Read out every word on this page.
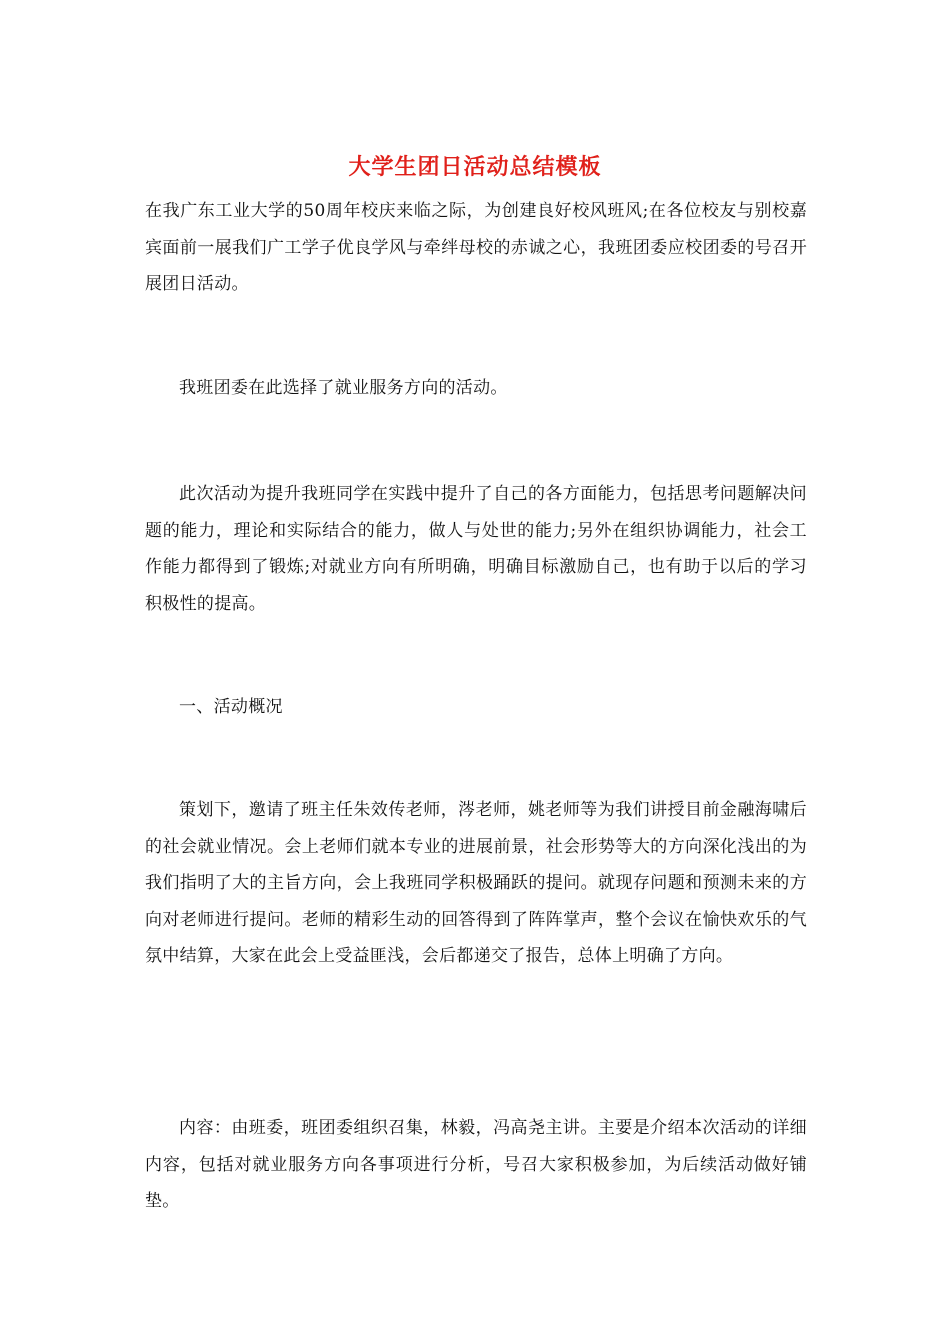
大学生团日活动总结模板

在我广东工业大学的50周年校庆来临之际，为创建良好校风班风;在各位校友与别校嘉宾面前一展我们广工学子优良学风与牵绊母校的赤诚之心，我班团委应校团委的号召开展团日活动。

我班团委在此选择了就业服务方向的活动。

此次活动为提升我班同学在实践中提升了自己的各方面能力，包括思考问题解决问题的能力，理论和实际结合的能力，做人与处世的能力;另外在组织协调能力，社会工作能力都得到了锻炼;对就业方向有所明确，明确目标激励自己，也有助于以后的学习积极性的提高。

一、活动概况

策划下，邀请了班主任朱效传老师，涔老师，姚老师等为我们讲授目前金融海啸后的社会就业情况。会上老师们就本专业的进展前景，社会形势等大的方向深化浅出的为我们指明了大的主旨方向，会上我班同学积极踊跃的提问。就现存问题和预测未来的方向对老师进行提问。老师的精彩生动的回答得到了阵阵掌声，整个会议在愉快欢乐的气氛中结算，大家在此会上受益匪浅，会后都递交了报告，总体上明确了方向。

内容：由班委，班团委组织召集，林毅，冯高尧主讲。主要是介绍本次活动的详细内容，包括对就业服务方向各事项进行分析，号召大家积极参加，为后续活动做好铺垫。
